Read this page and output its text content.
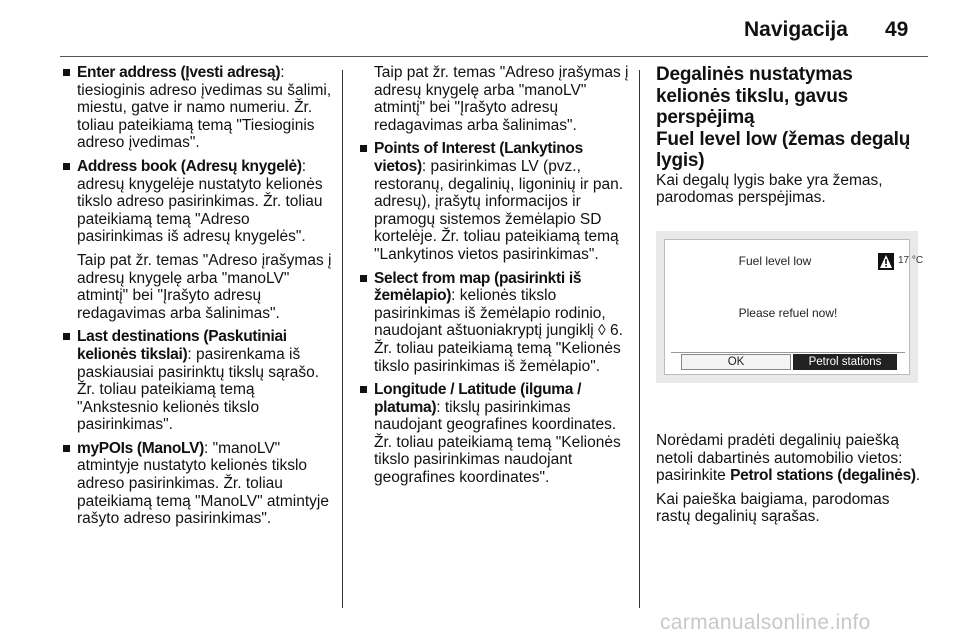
Navigacija 49
Enter address (Įvesti adresą): tiesioginis adreso įvedimas su šalimi, miestu, gatve ir namo numeriu. Žr. toliau pateikiamą temą "Tiesioginis adreso įvedimas".
Address book (Adresų knygelė): adresų knygelėje nustatyto kelionės tikslo adreso pasirinkimas. Žr. toliau pateikiamą temą "Adreso pasirinkimas iš adresų knygelės".
Taip pat žr. temas "Adreso įrašymas į adresų knygelę arba "manoLV" atmintį" bei "Įrašyto adresų redagavimas arba šalinimas".
Last destinations (Paskutiniai kelionės tikslai): pasirenkama iš paskiausiai pasirinktų tikslų sąrašo. Žr. toliau pateikiamą temą "Ankstesnio kelionės tikslo pasirinkimas".
myPOIs (ManoLV): "manoLV" atmintyje nustatyto kelionės tikslo adreso pasirinkimas. Žr. toliau pateikiamą temą "ManoLV" atmintyje rašyto adreso pasirinkimas".
Taip pat žr. temas "Adreso įrašymas į adresų knygelę arba "manoLV" atmintį" bei "Įrašyto adresų redagavimas arba šalinimas".
Points of Interest (Lankytinos vietos): pasirinkimas LV (pvz., restoranų, degalinių, ligoninių ir pan. adresų), įrašytų informacijos ir pramogų sistemos žemėlapio SD kortelėje. Žr. toliau pateikiamą temą "Lankytinos vietos pasirinkimas".
Select from map (pasirinkti iš žemėlapio): kelionės tikslo pasirinkimas iš žemėlapio rodinio, naudojant aštuoniakryptį jungiklį ◊ 6. Žr. toliau pateikiamą temą "Kelionės tikslo pasirinkimas iš žemėlapio".
Longitude / Latitude (ilguma / platuma): tikslų pasirinkimas naudojant geografines koordinates. Žr. toliau pateikiamą temą "Kelionės tikslo pasirinkimas naudojant geografines koordinates".
Degalinės nustatymas kelionės tikslu, gavus perspėjimą
Fuel level low (žemas degalų lygis)

Kai degalų lygis bake yra žemas, parodomas perspėjimas.

Fuel level low	17 °C
Please refuel now!
OK	Petrol stations

Norėdami pradėti degalinių paiešką netoli dabartinės automobilio vietos: pasirinkite Petrol stations (degalinės).

Kai paieška baigiama, parodomas rastų degalinių sąrašas.

carmanualsonline.info
